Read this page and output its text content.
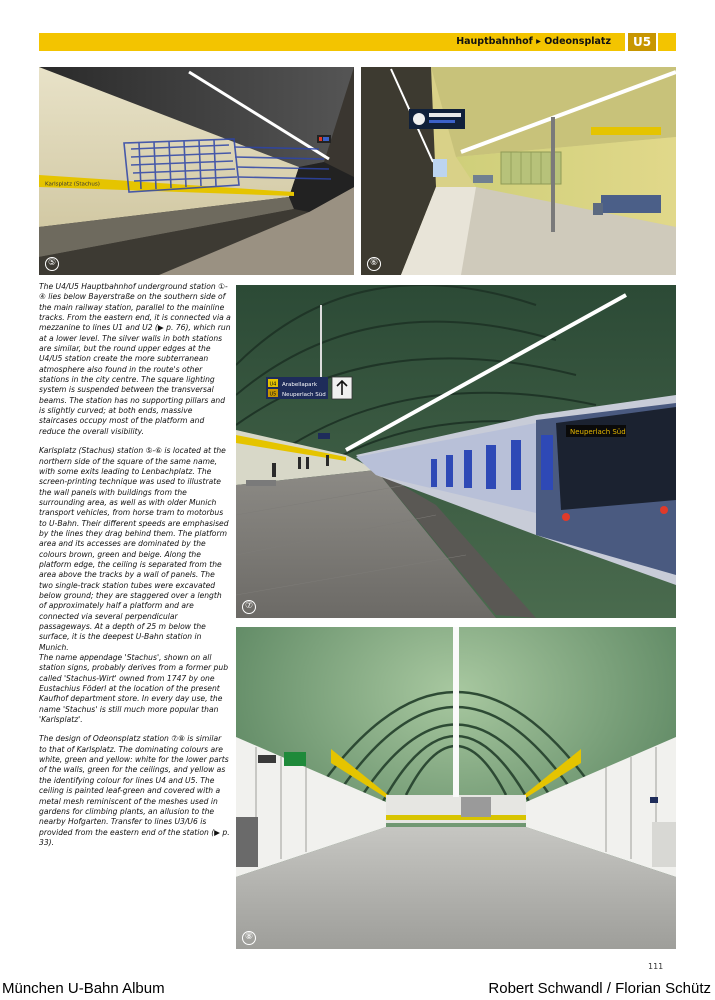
Hauptbahnhof ▸ Odeonsplatz	U5
Karlsplatz (Stachus)
⑤	⑥
Neuperlach Süd
U4
U5
Arabellapark
Neuperlach Süd
⑦
⑧

The U4/U5 Hauptbahnhof underground station ①-④ lies below Bayerstraße on the southern side of the main railway station, parallel to the mainline tracks. From the eastern end, it is connected via a mezzanine to lines U1 and U2 (▶ p. 76), which run at a lower level. The silver walls in both stations are similar, but the round upper edges at the U4/U5 station create the more subterranean atmosphere also found in the route's other stations in the city centre. The square lighting system is suspended between the transversal beams. The station has no supporting pillars and is slightly curved; at both ends, massive staircases occupy most of the platform and reduce the overall visibility.

Karlsplatz (Stachus) station ⑤-⑥ is located at the northern side of the square of the same name, with some exits leading to Lenbachplatz. The screen-printing technique was used to illustrate the wall panels with buildings from the surrounding area, as well as with older Munich transport vehicles, from horse tram to motorbus to U-Bahn. Their different speeds are emphasised by the lines they drag behind them. The platform area and its accesses are dominated by the colours brown, green and beige. Along the platform edge, the ceiling is separated from the area above the tracks by a wall of panels. The two single-track station tubes were excavated below ground; they are staggered over a length of approximately half a platform and are connected via several perpendicular passageways. At a depth of 25 m below the surface, it is the deepest U-Bahn station in Munich.

The name appendage 'Stachus', shown on all station signs, probably derives from a former pub called 'Stachus-Wirt' owned from 1747 by one Eustachius Föderl at the location of the present Kaufhof department store. In every day use, the name 'Stachus' is still much more popular than 'Karlsplatz'.

The design of Odeonsplatz station ⑦⑧ is similar to that of Karlsplatz. The dominating colours are white, green and yellow: white for the lower parts of the walls, green for the ceilings, and yellow as the identifying colour for lines U4 and U5. The ceiling is painted leaf-green and covered with a metal mesh reminiscent of the meshes used in gardens for climbing plants, an allusion to the nearby Hofgarten. Transfer to lines U3/U6 is provided from the eastern end of the station (▶ p. 33).

111
München U-Bahn Album	Robert Schwandl / Florian Schütz
